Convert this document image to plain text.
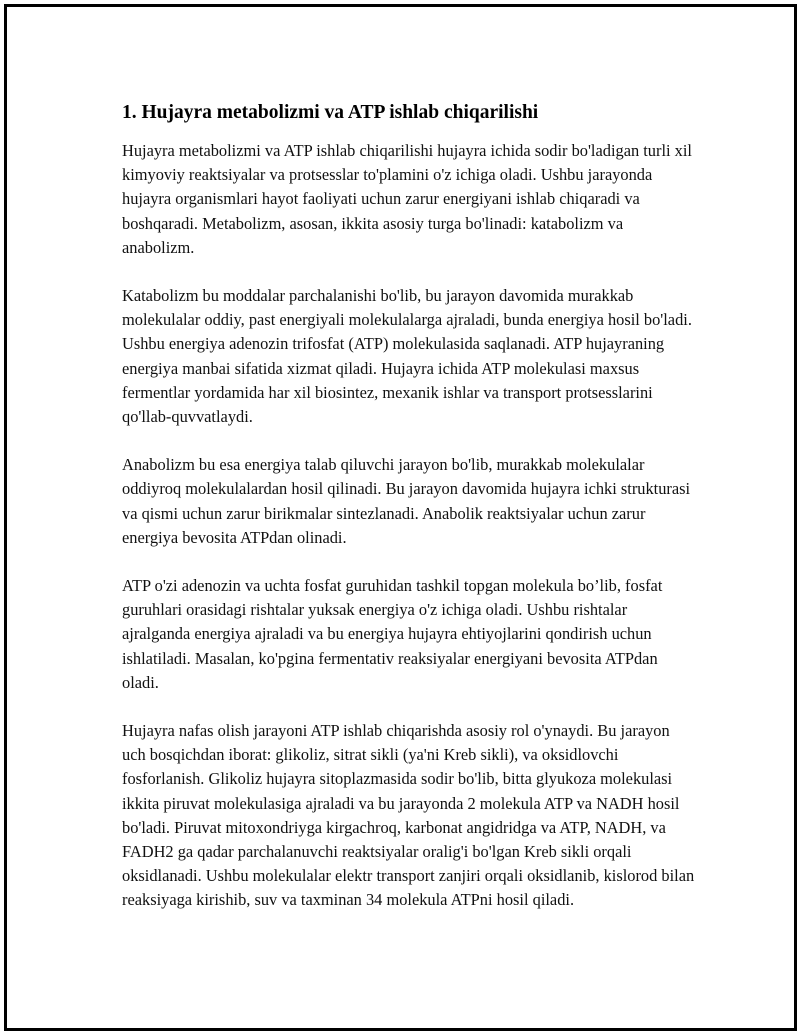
1. Hujayra metabolizmi va ATP ishlab chiqarilishi

Hujayra metabolizmi va ATP ishlab chiqarilishi hujayra ichida sodir bo'ladigan turli xil kimyoviy reaktsiyalar va protsesslar to'plamini o'z ichiga oladi. Ushbu jarayonda hujayra organismlari hayot faoliyati uchun zarur energiyani ishlab chiqaradi va boshqaradi. Metabolizm, asosan, ikkita asosiy turga bo'linadi: katabolizm va anabolizm.

Katabolizm bu moddalar parchalanishi bo'lib, bu jarayon davomida murakkab molekulalar oddiy, past energiyali molekulalarga ajraladi, bunda energiya hosil bo'ladi. Ushbu energiya adenozin trifosfat (ATP) molekulasida saqlanadi. ATP hujayraning energiya manbai sifatida xizmat qiladi. Hujayra ichida ATP molekulasi maxsus fermentlar yordamida har xil biosintez, mexanik ishlar va transport protsesslarini qo'llab-quvvatlaydi.

Anabolizm bu esa energiya talab qiluvchi jarayon bo'lib, murakkab molekulalar oddiyroq molekulalardan hosil qilinadi. Bu jarayon davomida hujayra ichki strukturasi va qismi uchun zarur birikmalar sintezlanadi. Anabolik reaktsiyalar uchun zarur energiya bevosita ATPdan olinadi.

ATP o'zi adenozin va uchta fosfat guruhidan tashkil topgan molekula bo’lib, fosfat guruhlari orasidagi rishtalar yuksak energiya o'z ichiga oladi. Ushbu rishtalar ajralganda energiya ajraladi va bu energiya hujayra ehtiyojlarini qondirish uchun ishlatiladi. Masalan, ko'pgina fermentativ reaksiyalar energiyani bevosita ATPdan oladi.

Hujayra nafas olish jarayoni ATP ishlab chiqarishda asosiy rol o'ynaydi. Bu jarayon uch bosqichdan iborat: glikoliz, sitrat sikli (ya'ni Kreb sikli), va oksidlovchi fosforlanish. Glikoliz hujayra sitoplazmasida sodir bo'lib, bitta glyukoza molekulasi ikkita piruvat molekulasiga ajraladi va bu jarayonda 2 molekula ATP va NADH hosil bo'ladi. Piruvat mitoxondriyga kirgachroq, karbonat angidridga va ATP, NADH, va FADH2 ga qadar parchalanuvchi reaktsiyalar oralig'i bo'lgan Kreb sikli orqali oksidlanadi. Ushbu molekulalar elektr transport zanjiri orqali oksidlanib, kislorod bilan reaksiyaga kirishib, suv va taxminan 34 molekula ATPni hosil qiladi.
